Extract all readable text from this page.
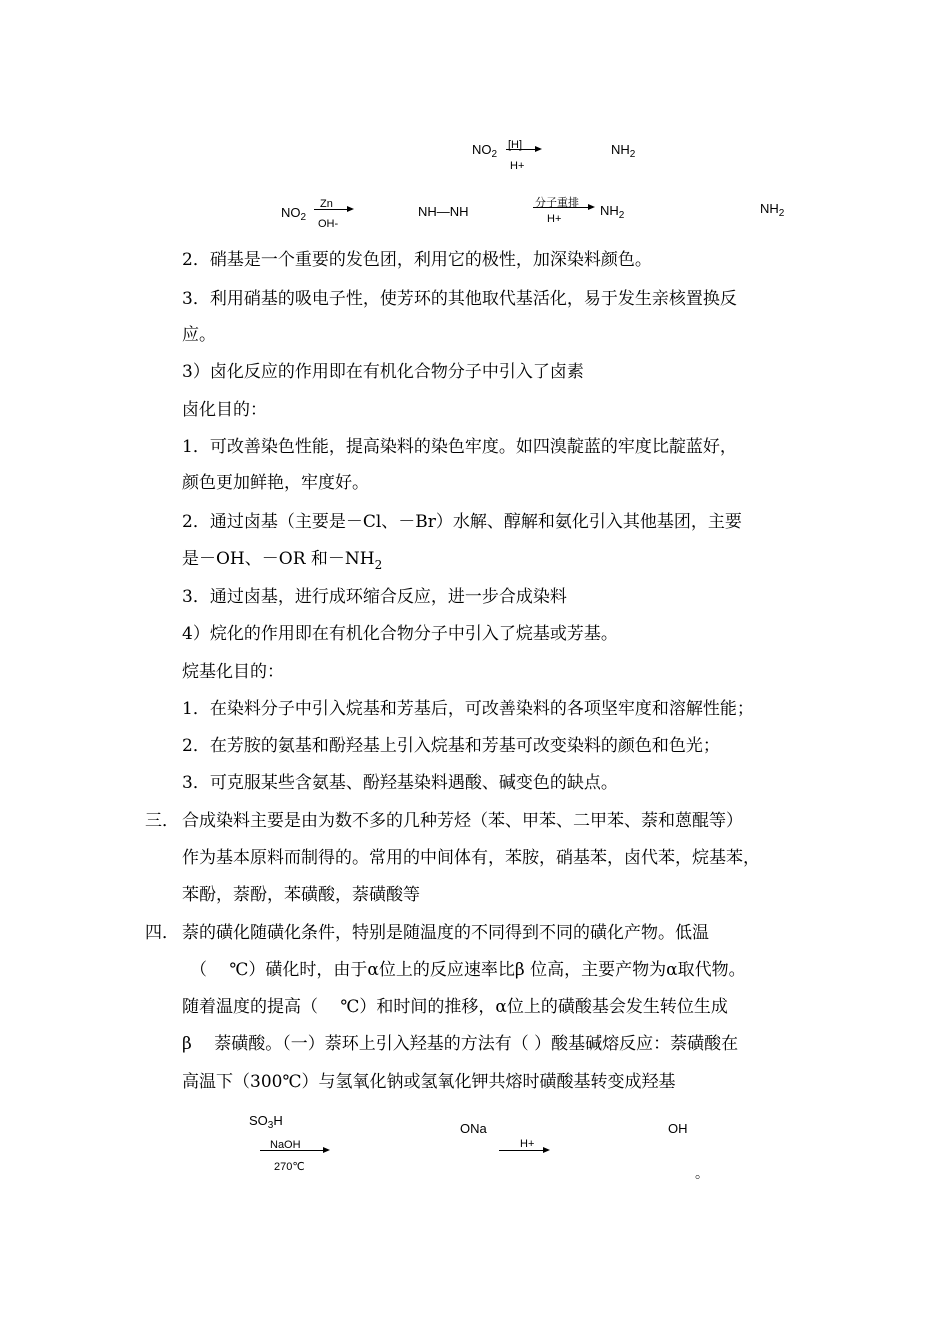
$NO_2$
[H]
H+
$NH_2$
$NO_2$
Zn
OH-
NH—NH
分子重排
H+
$NH_2$	$NH_2$
2．硝基是一个重要的发色团，利用它的极性，加深染料颜色。
3．利用硝基的吸电子性，使芳环的其他取代基活化，易于发生亲核置换反
应。
3）卤化反应的作用即在有机化合物分子中引入了卤素
卤化目的：
1．可改善染色性能，提高染料的染色牢度。如四溴靛蓝的牢度比靛蓝好，
颜色更加鲜艳，牢度好。
2．通过卤基（主要是－Cl、－Br）水解、醇解和氨化引入其他基团，主要
是－OH、－OR 和$-NH_2$
3．通过卤基，进行成环缩合反应，进一步合成染料
4）烷化的作用即在有机化合物分子中引入了烷基或芳基。
烷基化目的：
1．在染料分子中引入烷基和芳基后，可改善染料的各项坚牢度和溶解性能；
2．在芳胺的氨基和酚羟基上引入烷基和芳基可改变染料的颜色和色光；
3．可克服某些含氨基、酚羟基染料遇酸、碱变色的缺点。
三． 合成染料主要是由为数不多的几种芳烃（苯、甲苯、二甲苯、萘和蒽醌等）
作为基本原料而制得的。常用的中间体有，苯胺，硝基苯，卤代苯，烷基苯，
苯酚，萘酚，苯磺酸，萘磺酸等
四． 萘的磺化随磺化条件，特别是随温度的不同得到不同的磺化产物。低温
（　 ℃）磺化时，由于α位上的反应速率比β 位高，主要产物为α取代物。
随着温度的提高（　 ℃）和时间的推移，α位上的磺酸基会发生转位生成
β 　萘磺酸。（一）萘环上引入羟基的方法有（ ）酸基碱熔反应：萘磺酸在
高温下（300℃）与氢氧化钠或氢氧化钾共熔时磺酸基转变成羟基
$SO_3H$
NaOH
270℃
ONa
H+
OH
。
